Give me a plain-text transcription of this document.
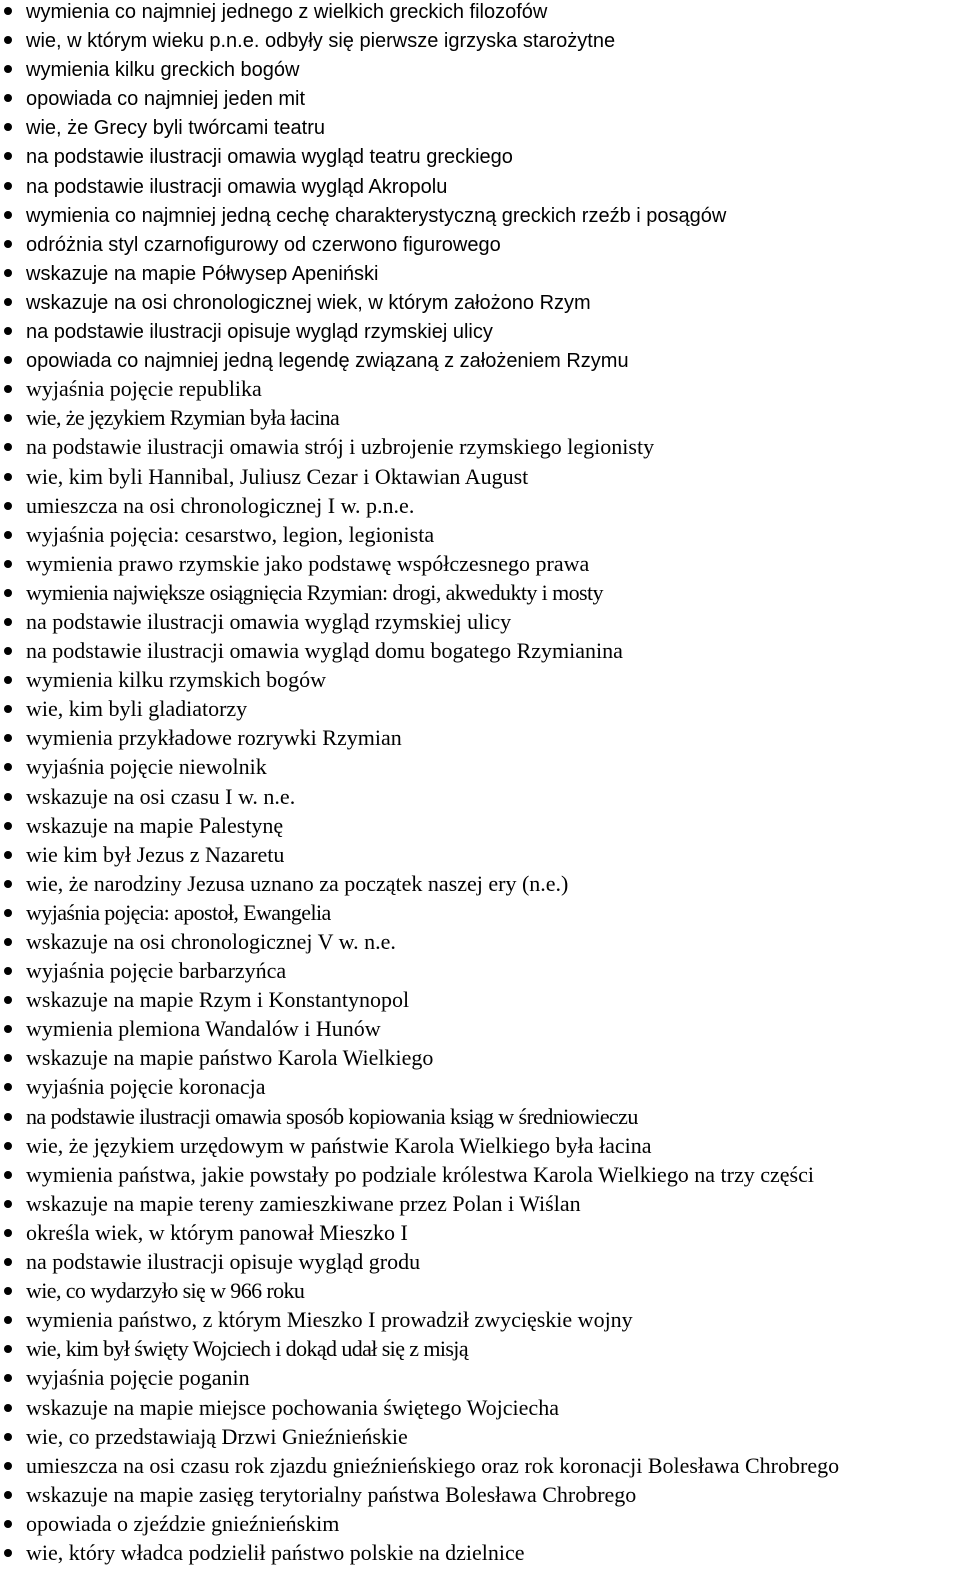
wymienia co najmniej jednego z wielkich greckich filozofów
wie, w którym wieku p.n.e. odbyły się pierwsze igrzyska starożytne
wymienia kilku greckich bogów
opowiada co najmniej jeden mit
wie, że Grecy byli twórcami teatru
na podstawie ilustracji omawia wygląd teatru greckiego
na podstawie ilustracji omawia wygląd Akropolu
wymienia co najmniej jedną cechę charakterystyczną greckich rzeźb i posągów
odróżnia styl czarnofigurowy od czerwono figurowego
wskazuje na mapie Półwysep Apeniński
wskazuje na osi chronologicznej wiek, w którym założono Rzym
na podstawie ilustracji opisuje wygląd rzymskiej ulicy
opowiada co najmniej jedną legendę związaną z założeniem Rzymu
wyjaśnia pojęcie republika
wie, że językiem Rzymian była łacina
na podstawie ilustracji omawia strój i uzbrojenie rzymskiego legionisty
wie, kim byli Hannibal, Juliusz Cezar i Oktawian August
umieszcza na osi chronologicznej I w. p.n.e.
wyjaśnia pojęcia: cesarstwo, legion, legionista
wymienia prawo rzymskie jako podstawę współczesnego prawa
wymienia największe osiągnięcia Rzymian: drogi, akwedukty i mosty
na podstawie ilustracji omawia wygląd rzymskiej ulicy
na podstawie ilustracji omawia wygląd domu bogatego Rzymianina
wymienia kilku rzymskich bogów
wie, kim byli gladiatorzy
wymienia przykładowe rozrywki Rzymian
wyjaśnia pojęcie niewolnik
wskazuje na osi czasu I w. n.e.
wskazuje na mapie Palestynę
wie kim był Jezus z Nazaretu
wie, że narodziny Jezusa uznano za początek naszej ery (n.e.)
wyjaśnia pojęcia: apostoł, Ewangelia
wskazuje na osi chronologicznej V w. n.e.
wyjaśnia pojęcie barbarzyńca
wskazuje na mapie Rzym i Konstantynopol
wymienia plemiona Wandalów i Hunów
wskazuje na mapie państwo Karola Wielkiego
wyjaśnia pojęcie koronacja
na podstawie ilustracji omawia sposób kopiowania ksiąg w średniowieczu
wie, że językiem urzędowym w państwie Karola Wielkiego była łacina
wymienia państwa, jakie powstały po podziale królestwa Karola Wielkiego na trzy części
wskazuje na mapie tereny zamieszkiwane przez Polan i Wiślan
określa wiek, w którym panował Mieszko I
na podstawie ilustracji opisuje wygląd grodu
wie, co wydarzyło się w 966 roku
wymienia państwo, z którym Mieszko I prowadził zwycięskie wojny
wie, kim był święty Wojciech i dokąd udał się z misją
wyjaśnia pojęcie poganin
wskazuje na mapie miejsce pochowania świętego Wojciecha
wie, co przedstawiają Drzwi Gnieźnieńskie
umieszcza na osi czasu rok zjazdu gnieźnieńskiego oraz rok koronacji Bolesława Chrobrego
wskazuje na mapie zasięg terytorialny państwa Bolesława Chrobrego
opowiada o zjeździe gnieźnieńskim
wie, który władca podzielił państwo polskie na dzielnice
